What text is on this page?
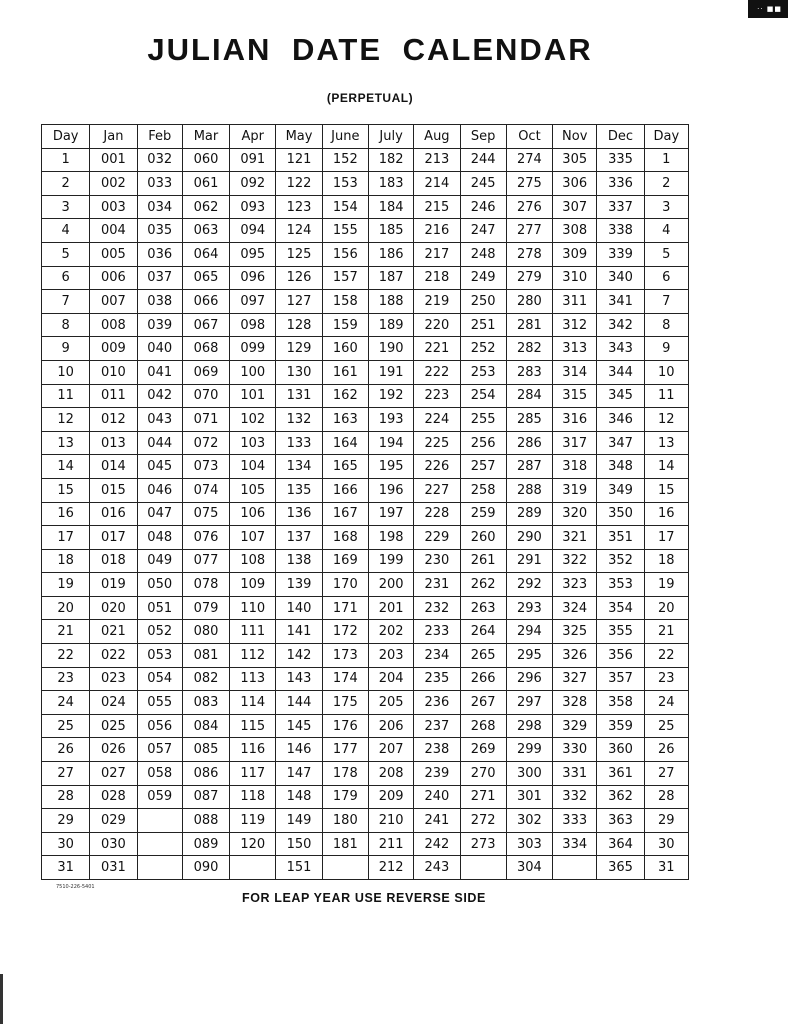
·· ■■
JULIAN DATE CALENDAR
(PERPETUAL)
Day	Jan	Feb	Mar	Apr	May	June	July	Aug	Sep	Oct	Nov	Dec	Day
1	001	032	060	091	121	152	182	213	244	274	305	335	1
2	002	033	061	092	122	153	183	214	245	275	306	336	2
3	003	034	062	093	123	154	184	215	246	276	307	337	3
4	004	035	063	094	124	155	185	216	247	277	308	338	4
5	005	036	064	095	125	156	186	217	248	278	309	339	5
6	006	037	065	096	126	157	187	218	249	279	310	340	6
7	007	038	066	097	127	158	188	219	250	280	311	341	7
8	008	039	067	098	128	159	189	220	251	281	312	342	8
9	009	040	068	099	129	160	190	221	252	282	313	343	9
10	010	041	069	100	130	161	191	222	253	283	314	344	10
11	011	042	070	101	131	162	192	223	254	284	315	345	11
12	012	043	071	102	132	163	193	224	255	285	316	346	12
13	013	044	072	103	133	164	194	225	256	286	317	347	13
14	014	045	073	104	134	165	195	226	257	287	318	348	14
15	015	046	074	105	135	166	196	227	258	288	319	349	15
16	016	047	075	106	136	167	197	228	259	289	320	350	16
17	017	048	076	107	137	168	198	229	260	290	321	351	17
18	018	049	077	108	138	169	199	230	261	291	322	352	18
19	019	050	078	109	139	170	200	231	262	292	323	353	19
20	020	051	079	110	140	171	201	232	263	293	324	354	20
21	021	052	080	111	141	172	202	233	264	294	325	355	21
22	022	053	081	112	142	173	203	234	265	295	326	356	22
23	023	054	082	113	143	174	204	235	266	296	327	357	23
24	024	055	083	114	144	175	205	236	267	297	328	358	24
25	025	056	084	115	145	176	206	237	268	298	329	359	25
26	026	057	085	116	146	177	207	238	269	299	330	360	26
27	027	058	086	117	147	178	208	239	270	300	331	361	27
28	028	059	087	118	148	179	209	240	271	301	332	362	28
29	029		088	119	149	180	210	241	272	302	333	363	29
30	030		089	120	150	181	211	242	273	303	334	364	30
31	031		090		151		212	243		304		365	31
7510-226-5401
FOR LEAP YEAR USE REVERSE SIDE
